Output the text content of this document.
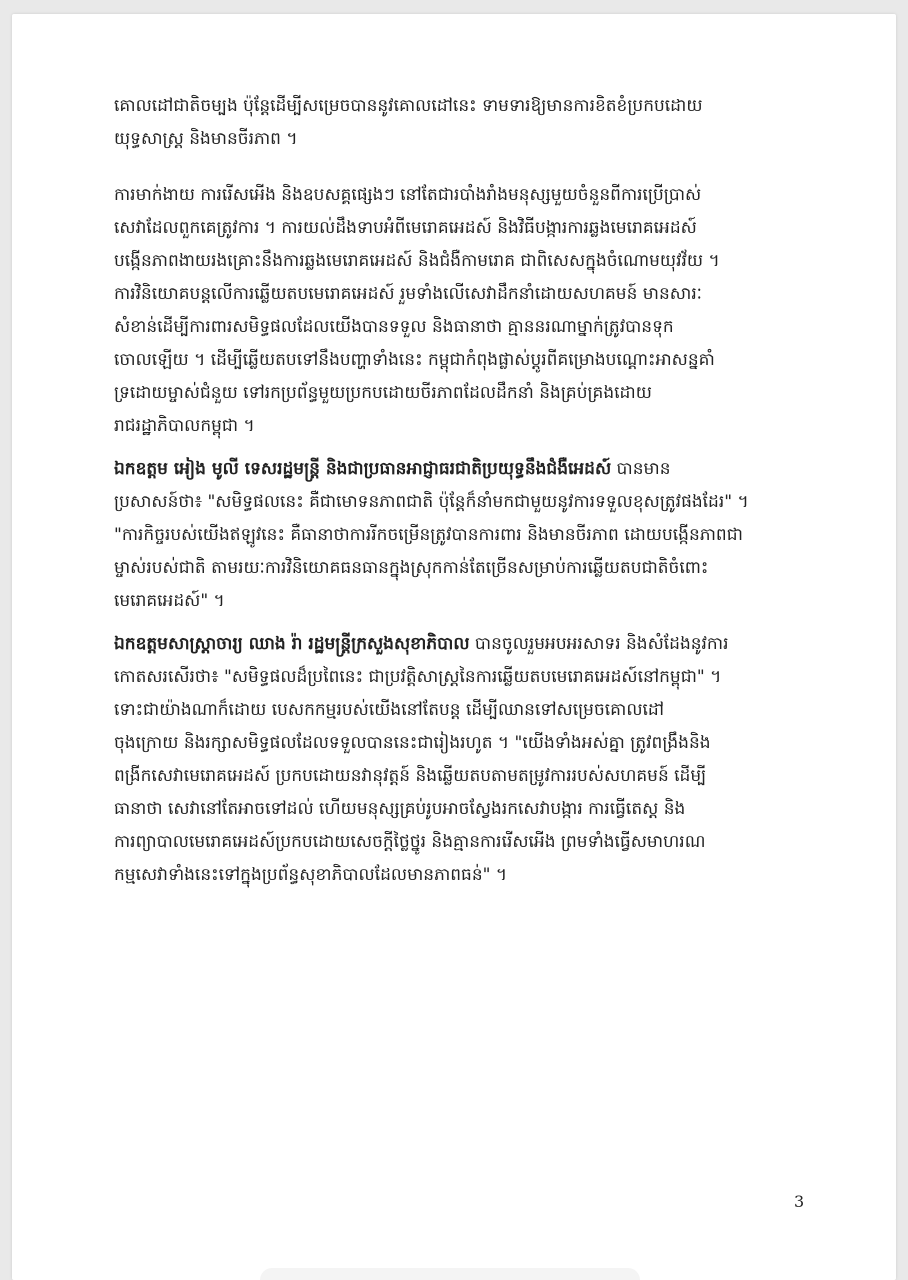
គោលដៅជាតិចម្បង ប៉ុន្តែដើម្បីសម្រេចបាននូវគោលដៅនេះ ទាមទារឱ្យមានការខិតខំប្រកបដោយ
យុទ្ធសាស្ត្រ និងមានចីរភាព ។
ការមាក់ងាយ ការរើសអើង និងឧបសគ្គផ្សេងៗ នៅតែជារបាំងរាំងមនុស្សមួយចំនួនពីការប្រើប្រាស់
សេវាដែលពួកគេត្រូវការ ។ ការយល់ដឹងទាបអំពីមេរោគអេដស៍ និងវិធីបង្ការការឆ្លងមេរោគអេដស៍
បង្កើនភាពងាយរងគ្រោះនឹងការឆ្លងមេរោគអេដស៍ និងជំងឺកាមរោគ ជាពិសេសក្នុងចំណោមយុវវ័យ ។
ការវិនិយោគបន្តលើការឆ្លើយតបមេរោគអេដស៍ រួមទាំងលើសេវាដឹកនាំដោយសហគមន៍ មានសារៈ
សំខាន់ដើម្បីការពារសមិទ្ធផលដែលយើងបានទទួល និងធានាថា គ្មាននរណាម្នាក់ត្រូវបានទុក
ចោលឡើយ ។ ដើម្បីឆ្លើយតបទៅនឹងបញ្ហាទាំងនេះ កម្ពុជាកំពុងផ្លាស់ប្តូរពីគម្រោងបណ្តោះអាសន្នគាំ
ទ្រដោយម្ចាស់ជំនួយ ទៅរកប្រព័ន្ធមួយប្រកបដោយចីរភាពដែលដឹកនាំ និងគ្រប់គ្រងដោយ
រាជរដ្ឋាភិបាលកម្ពុជា ។
ឯកឧត្តម អៀង មូលី ទេសរដ្ឋមន្ត្រី និងជាប្រធានអាជ្ញាធរជាតិប្រយុទ្ធនឹងជំងឺអេដស៍ បានមាន
ប្រសាសន៍ថា៖ "សមិទ្ធផលនេះ គឺជាមោទនភាពជាតិ ប៉ុន្តែក៏នាំមកជាមួយនូវការទទួលខុសត្រូវផងដែរ" ។
"ការកិច្ចរបស់យើងឥឡូវនេះ គឺធានាថាការរីកចម្រើនត្រូវបានការពារ និងមានចីរភាព ដោយបង្កើនភាពជា
ម្ចាស់របស់ជាតិ តាមរយៈការវិនិយោគធនធានក្នុងស្រុកកាន់តែច្រើនសម្រាប់ការឆ្លើយតបជាតិចំពោះ
មេរោគអេដស៍" ។
ឯកឧត្តមសាស្ត្រាចារ្យ ឈាង រ៉ា រដ្ឋមន្ត្រីក្រសួងសុខាភិបាល បានចូលរួមអបអរសាទរ និងសំដែងនូវការ
កោតសរសើរថា៖ "សមិទ្ធផលដ៏ប្រពៃនេះ ជាប្រវត្តិសាស្ត្រនៃការឆ្លើយតបមេរោគអេដស៍នៅកម្ពុជា" ។
ទោះជាយ៉ាងណាក៏ដោយ បេសកកម្មរបស់យើងនៅតែបន្ត ដើម្បីឈានទៅសម្រេចគោលដៅ
ចុងក្រោយ និងរក្សាសមិទ្ធផលដែលទទួលបាននេះជារៀងរហូត ។ "យើងទាំងអស់គ្នា ត្រូវពង្រឹងនិង
ពង្រីកសេវាមេរោគអេដស៍ ប្រកបដោយនវានុវត្តន៍ និងឆ្លើយតបតាមតម្រូវការរបស់សហគមន៍ ដើម្បី
ធានាថា សេវានៅតែអាចទៅដល់ ហើយមនុស្សគ្រប់រូបអាចស្វែងរកសេវាបង្ការ ការធ្វើតេស្ត និង
ការព្យាបាលមេរោគអេដស៍ប្រកបដោយសេចក្តីថ្លៃថ្នូរ និងគ្មានការរើសអើង ព្រមទាំងធ្វើសមាហរណ
កម្មសេវាទាំងនេះទៅក្នុងប្រព័ន្ធសុខាភិបាលដែលមានភាពធន់" ។
3
